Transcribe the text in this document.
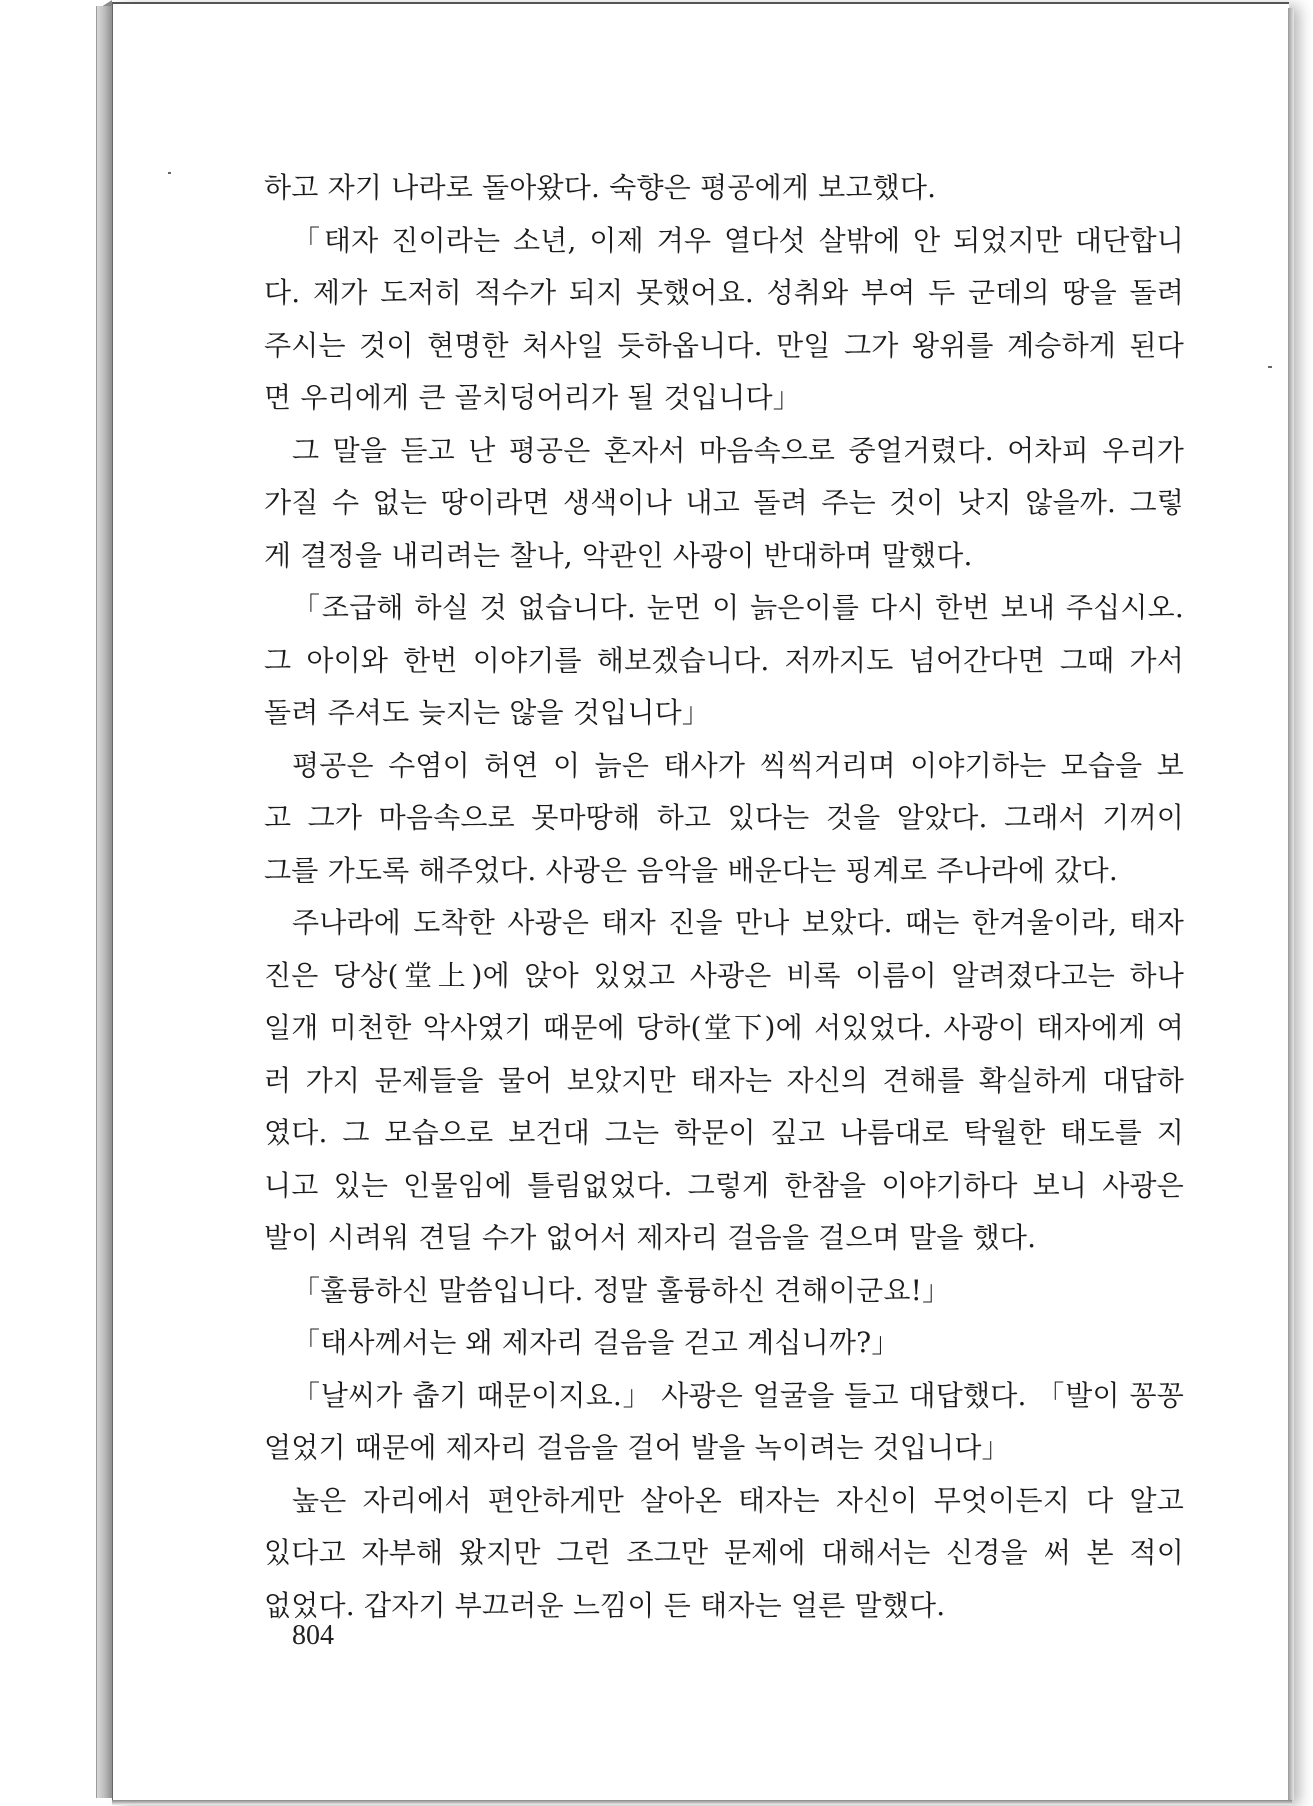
하고 자기 나라로 돌아왔다. 숙향은 평공에게 보고했다.
「태자 진이라는 소년, 이제 겨우 열다섯 살밖에 안 되었지만 대단합니
다. 제가 도저히 적수가 되지 못했어요. 성취와 부여 두 군데의 땅을 돌려
주시는 것이 현명한 처사일 듯하옵니다. 만일 그가 왕위를 계승하게 된다
면 우리에게 큰 골치덩어리가 될 것입니다」
그 말을 듣고 난 평공은 혼자서 마음속으로 중얼거렸다. 어차피 우리가
가질 수 없는 땅이라면 생색이나 내고 돌려 주는 것이 낫지 않을까. 그렇
게 결정을 내리려는 찰나, 악관인 사광이 반대하며 말했다.
「조급해 하실 것 없습니다. 눈먼 이 늙은이를 다시 한번 보내 주십시오.
그 아이와 한번 이야기를 해보겠습니다. 저까지도 넘어간다면 그때 가서
돌려 주셔도 늦지는 않을 것입니다」
평공은 수염이 허연 이 늙은 태사가 씩씩거리며 이야기하는 모습을 보
고 그가 마음속으로 못마땅해 하고 있다는 것을 알았다. 그래서 기꺼이
그를 가도록 해주었다. 사광은 음악을 배운다는 핑계로 주나라에 갔다.
주나라에 도착한 사광은 태자 진을 만나 보았다. 때는 한겨울이라, 태자
진은 당상(堂上)에 앉아 있었고 사광은 비록 이름이 알려졌다고는 하나
일개 미천한 악사였기 때문에 당하(堂下)에 서있었다. 사광이 태자에게 여
러 가지 문제들을 물어 보았지만 태자는 자신의 견해를 확실하게 대답하
였다. 그 모습으로 보건대 그는 학문이 깊고 나름대로 탁월한 태도를 지
니고 있는 인물임에 틀림없었다. 그렇게 한참을 이야기하다 보니 사광은
발이 시려워 견딜 수가 없어서 제자리 걸음을 걸으며 말을 했다.
「훌륭하신 말씀입니다. 정말 훌륭하신 견해이군요!」
「태사께서는 왜 제자리 걸음을 걷고 계십니까?」
「날씨가 춥기 때문이지요.」 사광은 얼굴을 들고 대답했다. 「발이 꽁꽁
얼었기 때문에 제자리 걸음을 걸어 발을 녹이려는 것입니다」
높은 자리에서 편안하게만 살아온 태자는 자신이 무엇이든지 다 알고
있다고 자부해 왔지만 그런 조그만 문제에 대해서는 신경을 써 본 적이
없었다. 갑자기 부끄러운 느낌이 든 태자는 얼른 말했다.
804
